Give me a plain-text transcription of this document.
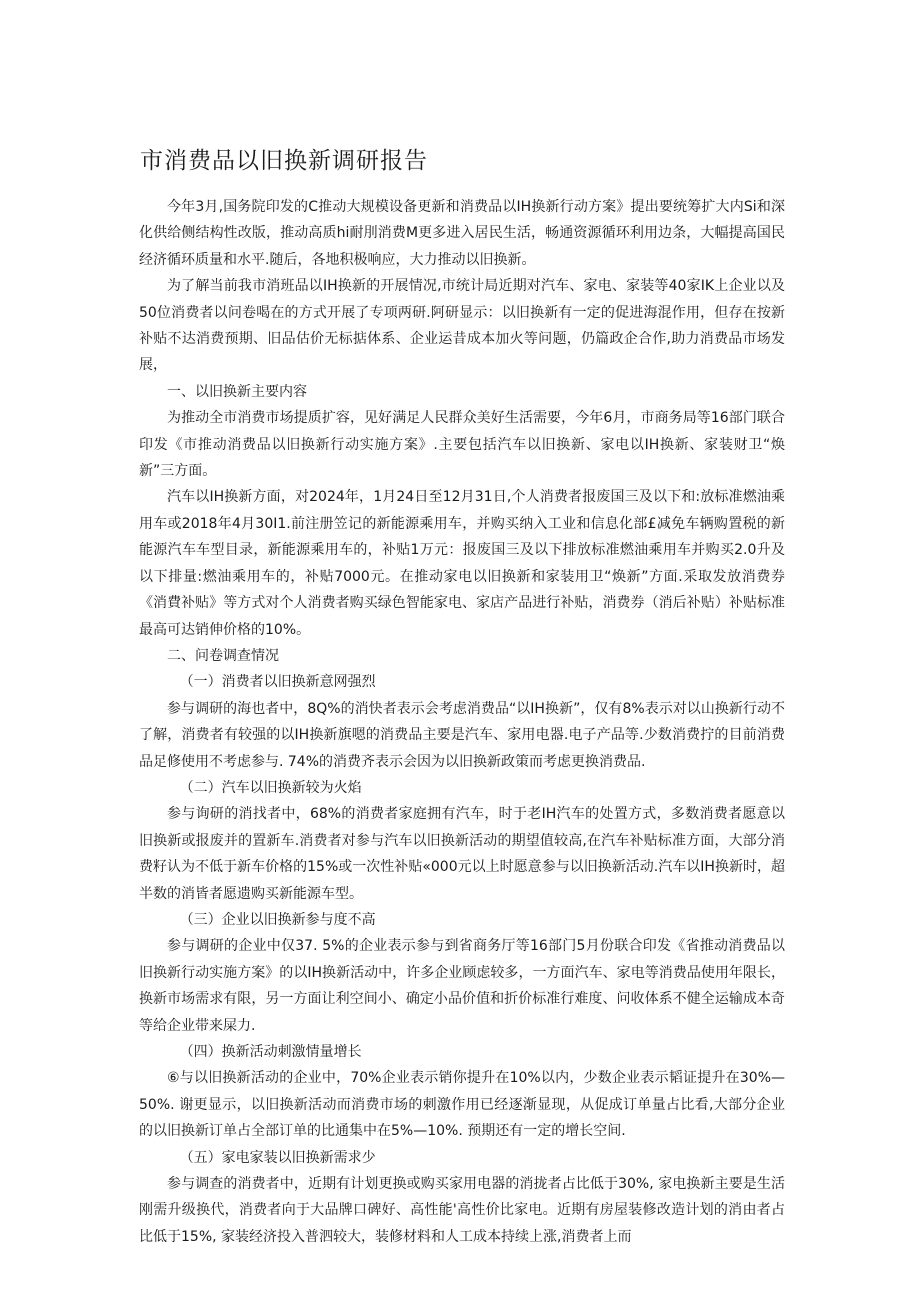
市消费品以旧换新调研报告

今年3月,国务院印发的C推动大规模设备更新和消费品以IH换新行动方案》提出要统筹扩大内Si和深化供给侧结构性改版，推动高质hi耐刖消费M更多进入居民生活，畅通资源循环利用边条，大幅提高国民经济循环质量和水平.随后，各地积极响应，大力推动以旧换新。

为了解当前我市消班品以IH换新的开展情况,市统计局近期对汽车、家电、家装等40家IK上企业以及50位消费者以问卷喝在的方式开展了专项两研.阿研显示：以旧换新有一定的促进海混作用，但存在按新补贴不达消费预期、旧品估价无标掂体系、企业运昔成本加火等问题，仍篇政企合作,助力消费品市场发展，

一、以旧换新主要内容

为推动全市消费市场提质扩容，见好满足人民群众美好生活需要，今年6月，市商务局等16部门联合印发《市推动消费品以旧换新行动实施方案》.主要包括汽车以旧换新、家电以IH换新、家装财卫“焕新”三方面。

汽车以IH换新方面，对2024年，1月24日至12月31日,个人消费者报废国三及以下和:放标准燃油乘用车或2018年4月30I1.前注册笠记的新能源乘用车，并购买纳入工业和信息化部£减免车辆购置税的新能源汽车车型目录，新能源乘用车的，补贴1万元：报废国三及以下排放标准燃油乘用车并购买2.0升及以下排量:燃油乘用车的，补贴7000元。在推动家电以旧换新和家装用卫“焕新”方面.采取发放消费券《消費补贴》等方式对个人消费者购买绿色智能家电、家店产品进行补贴，消费券（消后补贴）补贴标准最高可达销伸价格的10%。

二、问卷调查情况

（一）消费者以旧换新意网强烈

参与调研的海也者中，8Q%的消快者表示会考虑消费品“以IH换新”，仅有8%表示对以山换新行动不了解，消费者有较强的以IH换新旗嗯的消费品主要是汽车、家用电器.电子产品等.少数消费拧的目前消费品足修使用不考虑参与. 74%的消费齐表示会因为以旧换新政策而考虑更换消费品.

（二）汽车以旧换新较为火焰

参与询研的消找者中，68%的消费者家庭拥有汽车，时于老IH汽车的处置方式，多数消费者愿意以旧换新或报废并的置新车.消费者对参与汽车以旧换新活动的期望值较高,在汽车补贴标准方面，大部分消费籽认为不低于新车价格的15%或一次性补贴«000元以上时愿意参与以旧换新活动.汽车以IH换新时，超半数的消皆者愿遗购买新能源车型。

（三）企业以旧换新参与度不高

参与调研的企业中仅37. 5%的企业表示参与到省商务厅等16部门5月份联合印发《省推动消费品以旧换新行动实施方案》的以IH换新活动中，许多企业顾虑较多，一方面汽车、家电等消费品使用年限长，换新市场需求有限，另一方面让利空间小、确定小品价值和折价标准行难度、问收体系不健全运输成本奇等给企业带来屎力.

（四）换新活动刺激情量增长

⑥与以旧换新活动的企业中，70%企业表示销你提升在10%以内，少数企业表示韬证提升在30%—50%. 谢更显示，以旧换新活动而消费市场的刺激作用已经逐渐显现，从促成订单量占比看,大部分企业的以旧换新订单占全部订单的比通集中在5%—10%. 预期还有一定的增长空间.

（五）家电家装以旧换新需求少

参与调查的消费者中，近期有计划更换或购买家用电器的消拢者占比低于30%, 家电换新主要是生活刚需升级换代，消费者向于大品牌口碑好、高性能'高性价比家电。近期有房屋装修改造计划的消由者占比低于15%, 家装经济投入普泗较大，装修材料和人工成本持续上涨,消费者上而
